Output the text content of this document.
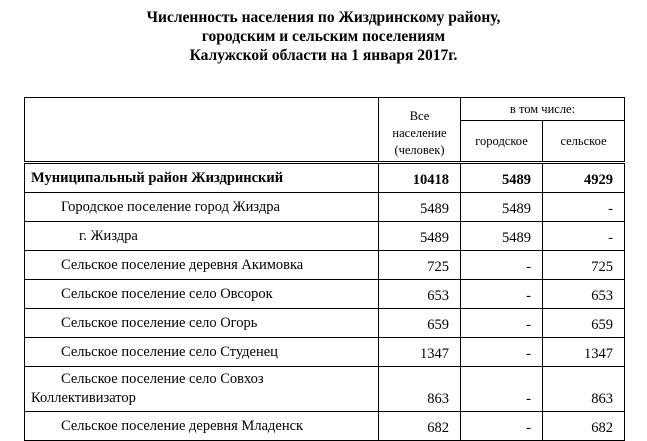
Численность населения по Жиздринскому району,
городским и сельским поселениям
Калужской области на 1 января 2017г.
	Все население (человек)	в том числе:	
		городское	сельское
Муниципальный район Жиздринский	10418	5489	4929
Городское поселение город Жиздра	5489	5489	-
г. Жиздра	5489	5489	-
Сельское поселение деревня Акимовка	725	-	725
Сельское поселение село Овсорок	653	-	653
Сельское поселение село Огорь	659	-	659
Сельское поселение село Студенец	1347	-	1347
Сельское поселение село Совхоз Коллективизатор	863	-	863
Сельское поселение деревня Младенск	682	-	682
